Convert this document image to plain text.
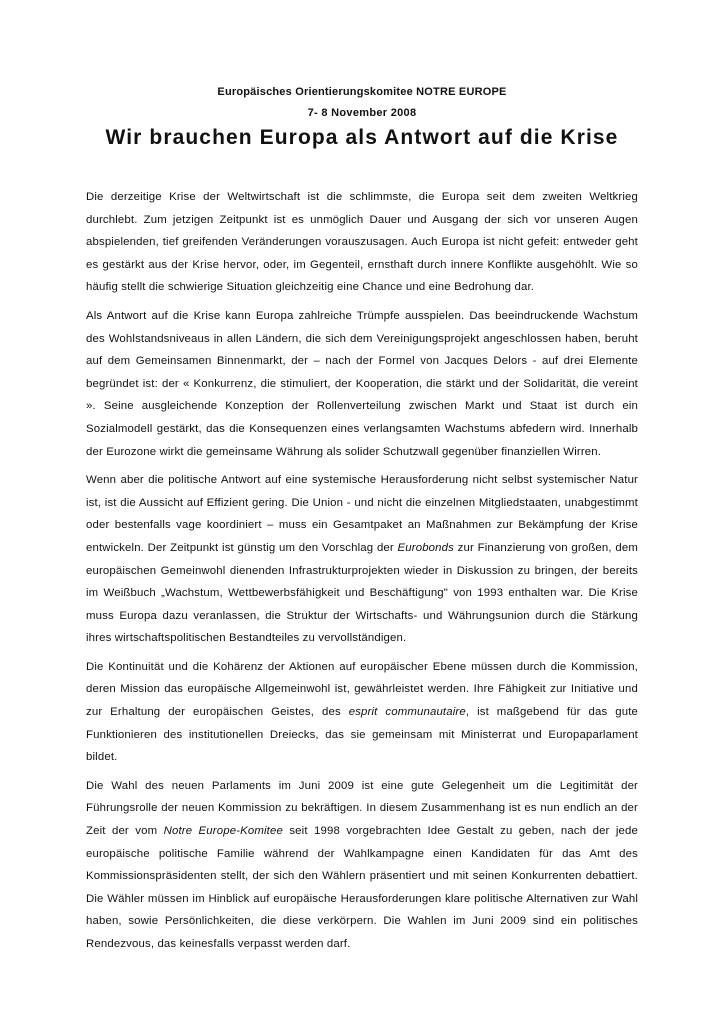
Europäisches Orientierungskomitee NOTRE EUROPE
7- 8 November 2008
Wir brauchen Europa als Antwort auf die Krise

Die derzeitige Krise der Weltwirtschaft ist die schlimmste, die Europa seit dem zweiten Weltkrieg durchlebt. Zum jetzigen Zeitpunkt ist es unmöglich Dauer und Ausgang der sich vor unseren Augen abspielenden, tief greifenden Veränderungen vorauszusagen. Auch Europa ist nicht gefeit: entweder geht es gestärkt aus der Krise hervor, oder, im Gegenteil, ernsthaft durch innere Konflikte ausgehöhlt. Wie so häufig stellt die schwierige Situation gleichzeitig eine Chance und eine Bedrohung dar.

Als Antwort auf die Krise kann Europa zahlreiche Trümpfe ausspielen. Das beeindruckende Wachstum des Wohlstandsniveaus in allen Ländern, die sich dem Vereinigungsprojekt angeschlossen haben, beruht auf dem Gemeinsamen Binnenmarkt, der – nach der Formel von Jacques Delors - auf drei Elemente begründet ist: der « Konkurrenz, die stimuliert, der Kooperation, die stärkt und der Solidarität, die vereint ». Seine ausgleichende Konzeption der Rollenverteilung zwischen Markt und Staat ist durch ein Sozialmodell gestärkt, das die Konsequenzen eines verlangsamten Wachstums abfedern wird. Innerhalb der Eurozone wirkt die gemeinsame Währung als solider Schutzwall gegenüber finanziellen Wirren.

Wenn aber die politische Antwort auf eine systemische Herausforderung nicht selbst systemischer Natur ist, ist die Aussicht auf Effizient gering. Die Union - und nicht die einzelnen Mitgliedstaaten, unabgestimmt oder bestenfalls vage koordiniert – muss ein Gesamtpaket an Maßnahmen zur Bekämpfung der Krise entwickeln. Der Zeitpunkt ist günstig um den Vorschlag der Eurobonds zur Finanzierung von großen, dem europäischen Gemeinwohl dienenden Infrastrukturprojekten wieder in Diskussion zu bringen, der bereits im Weißbuch „Wachstum, Wettbewerbsfähigkeit und Beschäftigung" von 1993 enthalten war. Die Krise muss Europa dazu veranlassen, die Struktur der Wirtschafts- und Währungsunion durch die Stärkung ihres wirtschaftspolitischen Bestandteiles zu vervollständigen.

Die Kontinuität und die Kohärenz der Aktionen auf europäischer Ebene müssen durch die Kommission, deren Mission das europäische Allgemeinwohl ist, gewährleistet werden. Ihre Fähigkeit zur Initiative und zur Erhaltung der europäischen Geistes, des esprit communautaire, ist maßgebend für das gute Funktionieren des institutionellen Dreiecks, das sie gemeinsam mit Ministerrat und Europaparlament bildet.

Die Wahl des neuen Parlaments im Juni 2009 ist eine gute Gelegenheit um die Legitimität der Führungsrolle der neuen Kommission zu bekräftigen. In diesem Zusammenhang ist es nun endlich an der Zeit der vom Notre Europe-Komitee seit 1998 vorgebrachten Idee Gestalt zu geben, nach der jede europäische politische Familie während der Wahlkampagne einen Kandidaten für das Amt des Kommissionspräsidenten stellt, der sich den Wählern präsentiert und mit seinen Konkurrenten debattiert. Die Wähler müssen im Hinblick auf europäische Herausforderungen klare politische Alternativen zur Wahl haben, sowie Persönlichkeiten, die diese verkörpern. Die Wahlen im Juni 2009 sind ein politisches Rendezvous, das keinesfalls verpasst werden darf.
